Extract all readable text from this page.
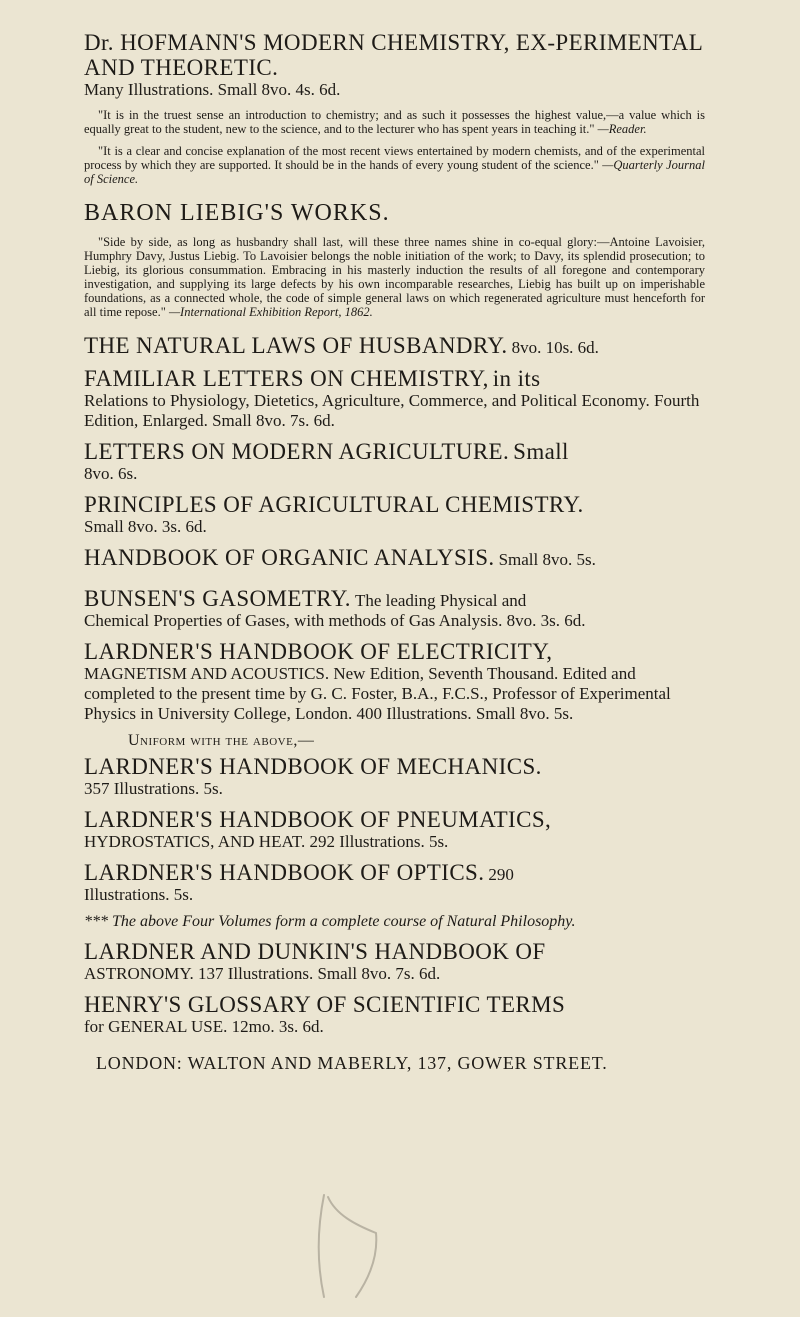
Dr. HOFMANN'S MODERN CHEMISTRY, EX-PERIMENTAL AND THEORETIC.
Many Illustrations. Small 8vo. 4s. 6d.
"It is in the truest sense an introduction to chemistry; and as such it possesses the highest value,—a value which is equally great to the student, new to the science, and to the lecturer who has spent years in teaching it." —Reader.
"It is a clear and concise explanation of the most recent views entertained by modern chemists, and of the experimental process by which they are supported. It should be in the hands of every young student of the science." —Quarterly Journal of Science.
BARON LIEBIG'S WORKS.
"Side by side, as long as husbandry shall last, will these three names shine in co-equal glory:—Antoine Lavoisier, Humphry Davy, Justus Liebig. To Lavoisier belongs the noble initiation of the work; to Davy, its splendid prosecution; to Liebig, its glorious consummation. Embracing in his masterly induction the results of all foregone and contemporary investigation, and supplying its large defects by his own incomparable researches, Liebig has built up on imperishable foundations, as a connected whole, the code of simple general laws on which regenerated agriculture must henceforth for all time repose." —International Exhibition Report, 1862.
THE NATURAL LAWS OF HUSBANDRY. 8vo. 10s. 6d.
FAMILIAR LETTERS ON CHEMISTRY, in its
Relations to Physiology, Dietetics, Agriculture, Commerce, and Political Economy. Fourth Edition, Enlarged. Small 8vo. 7s. 6d.
LETTERS ON MODERN AGRICULTURE. Small
8vo. 6s.
PRINCIPLES OF AGRICULTURAL CHEMISTRY.
Small 8vo. 3s. 6d.
HANDBOOK OF ORGANIC ANALYSIS. Small 8vo. 5s.
BUNSEN'S GASOMETRY. The leading Physical and
Chemical Properties of Gases, with methods of Gas Analysis. 8vo. 3s. 6d.
LARDNER'S HANDBOOK OF ELECTRICITY,
MAGNETISM AND ACOUSTICS. New Edition, Seventh Thousand. Edited and completed to the present time by G. C. Foster, B.A., F.C.S., Professor of Experimental Physics in University College, London. 400 Illustrations. Small 8vo. 5s.
Uniform with the above,—
LARDNER'S HANDBOOK OF MECHANICS.
357 Illustrations. 5s.
LARDNER'S HANDBOOK OF PNEUMATICS,
HYDROSTATICS, AND HEAT. 292 Illustrations. 5s.
LARDNER'S HANDBOOK OF OPTICS. 290
Illustrations. 5s.
*** The above Four Volumes form a complete course of Natural Philosophy.
LARDNER AND DUNKIN'S HANDBOOK OF
ASTRONOMY. 137 Illustrations. Small 8vo. 7s. 6d.
HENRY'S GLOSSARY OF SCIENTIFIC TERMS
for GENERAL USE. 12mo. 3s. 6d.
LONDON: WALTON AND MABERLY, 137, GOWER STREET.
